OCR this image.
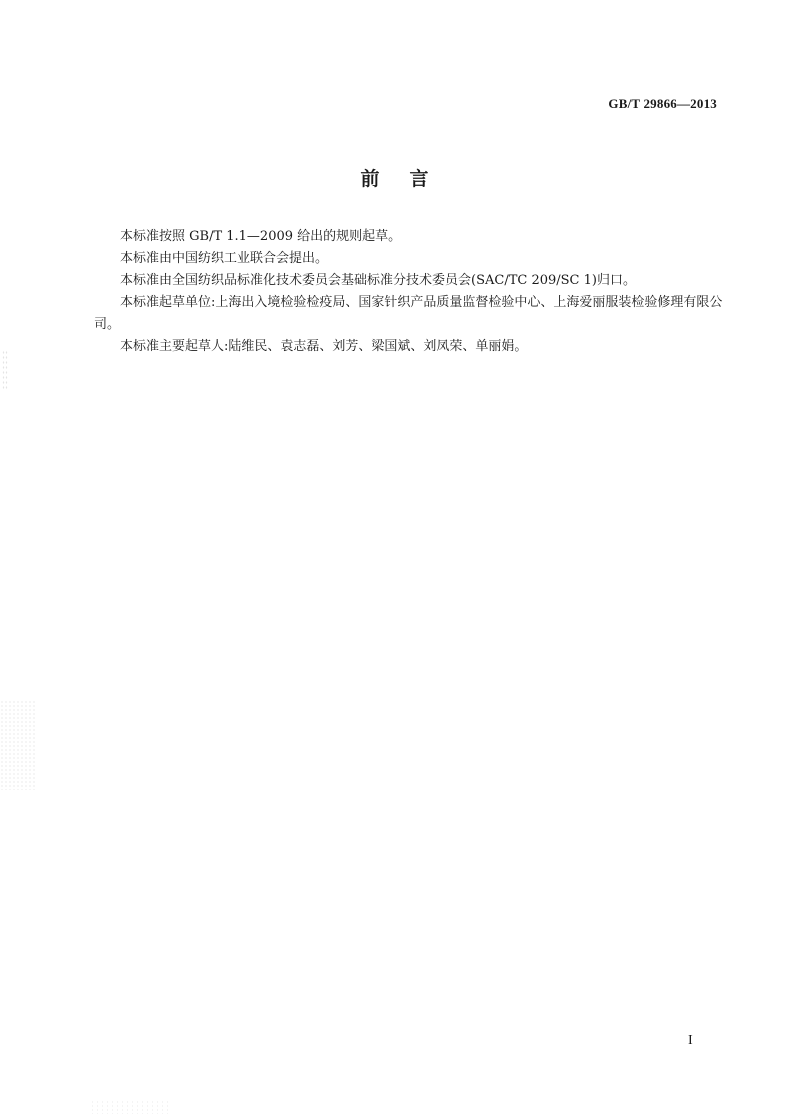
GB/T 29866—2013
前言

本标准按照 GB/T 1.1—2009 给出的规则起草。

本标准由中国纺织工业联合会提出。

本标准由全国纺织品标准化技术委员会基础标准分技术委员会(SAC/TC 209/SC 1)归口。

本标准起草单位:上海出入境检验检疫局、国家针织产品质量监督检验中心、上海爱丽服装检验修理有限公司。

本标准主要起草人:陆维民、袁志磊、刘芳、梁国斌、刘凤荣、单丽娟。

I
